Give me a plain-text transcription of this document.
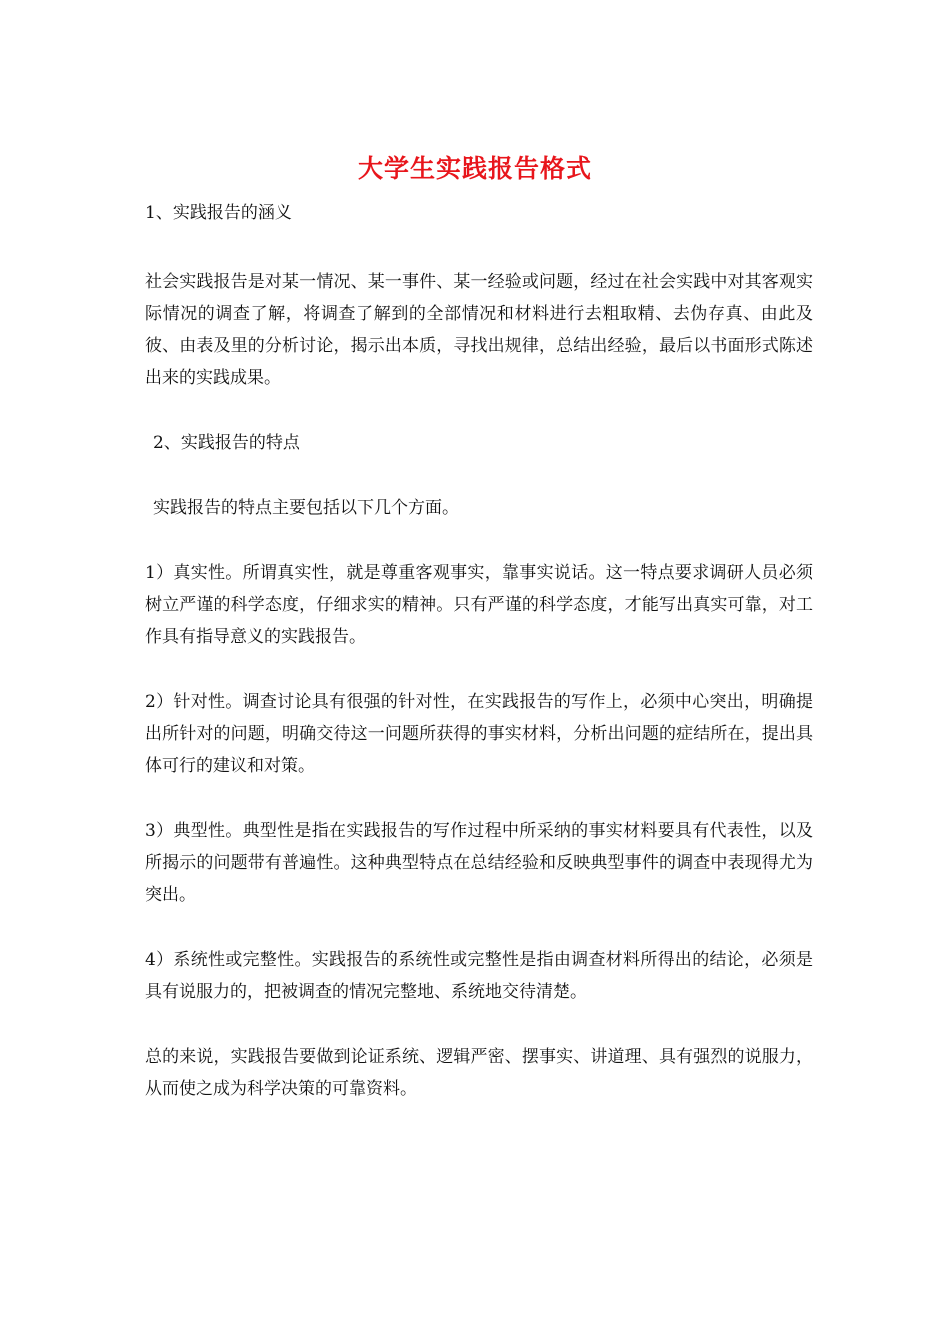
大学生实践报告格式

1、实践报告的涵义

社会实践报告是对某一情况、某一事件、某一经验或问题，经过在社会实践中对其客观实际情况的调查了解，将调查了解到的全部情况和材料进行去粗取精、去伪存真、由此及彼、由表及里的分析讨论，揭示出本质，寻找出规律，总结出经验，最后以书面形式陈述出来的实践成果。

2、实践报告的特点

实践报告的特点主要包括以下几个方面。

1）真实性。所谓真实性，就是尊重客观事实，靠事实说话。这一特点要求调研人员必须树立严谨的科学态度，仔细求实的精神。只有严谨的科学态度，才能写出真实可靠，对工作具有指导意义的实践报告。

2）针对性。调查讨论具有很强的针对性，在实践报告的写作上，必须中心突出，明确提出所针对的问题，明确交待这一问题所获得的事实材料，分析出问题的症结所在，提出具体可行的建议和对策。

3）典型性。典型性是指在实践报告的写作过程中所采纳的事实材料要具有代表性，以及所揭示的问题带有普遍性。这种典型特点在总结经验和反映典型事件的调查中表现得尤为突出。

4）系统性或完整性。实践报告的系统性或完整性是指由调查材料所得出的结论，必须是具有说服力的，把被调查的情况完整地、系统地交待清楚。

总的来说，实践报告要做到论证系统、逻辑严密、摆事实、讲道理、具有强烈的说服力，从而使之成为科学决策的可靠资料。
